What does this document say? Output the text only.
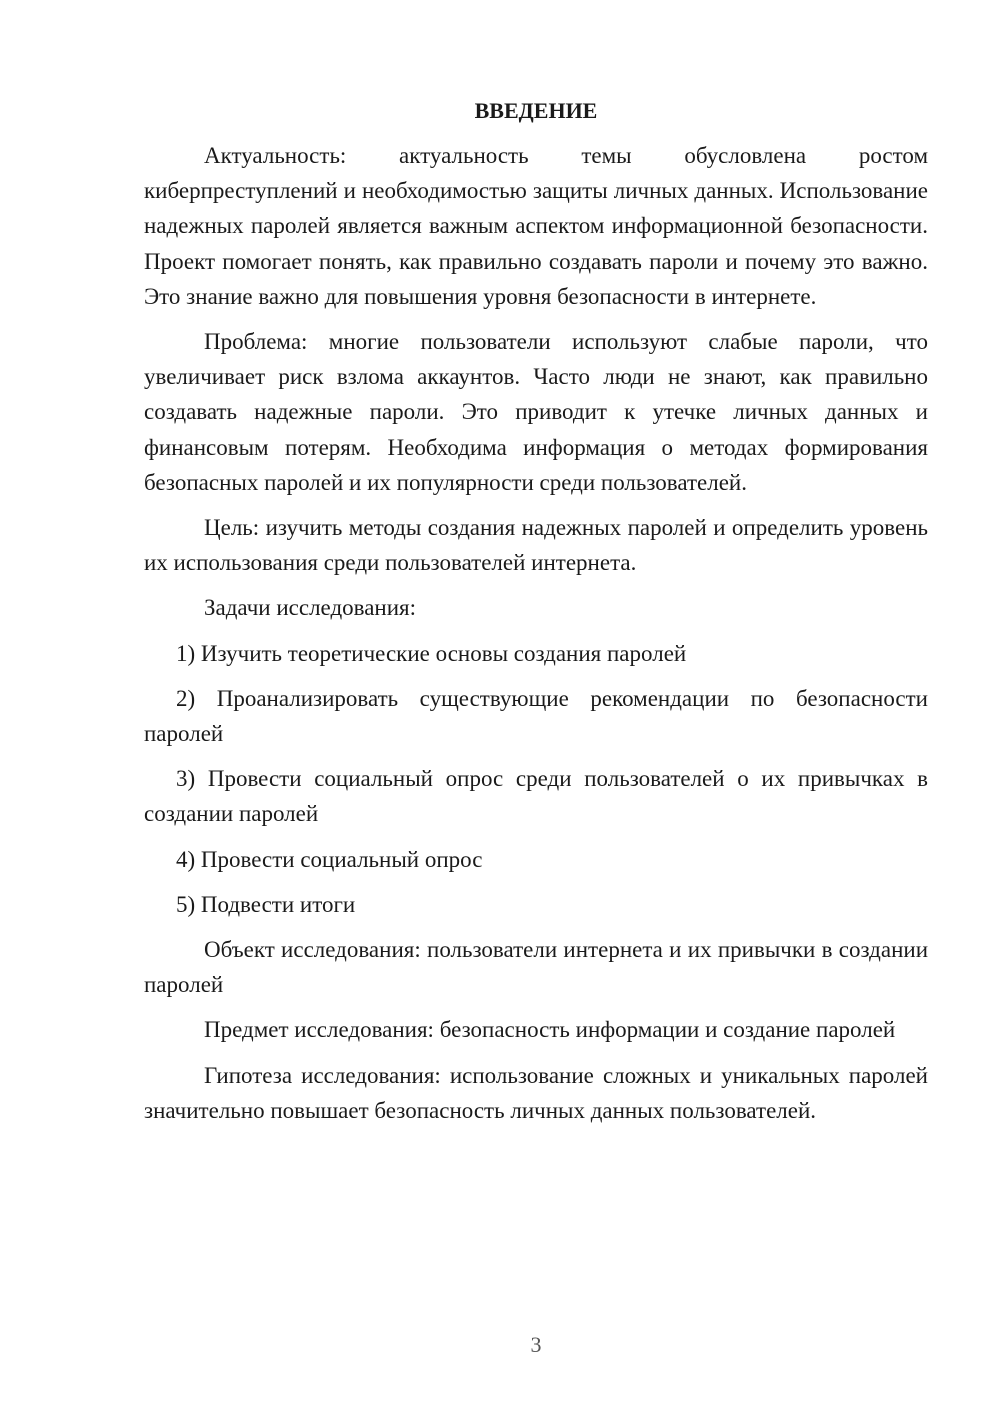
ВВЕДЕНИЕ

Актуальность: актуальность темы обусловлена ростом киберпреступлений и необходимостью защиты личных данных. Использование надежных паролей является важным аспектом информационной безопасности. Проект помогает понять, как правильно создавать пароли и почему это важно. Это знание важно для повышения уровня безопасности в интернете.

Проблема: многие пользователи используют слабые пароли, что увеличивает риск взлома аккаунтов. Часто люди не знают, как правильно создавать надежные пароли. Это приводит к утечке личных данных и финансовым потерям. Необходима информация о методах формирования безопасных паролей и их популярности среди пользователей.

Цель: изучить методы создания надежных паролей и определить уровень их использования среди пользователей интернета.

Задачи исследования:

1) Изучить теоретические основы создания паролей

2) Проанализировать существующие рекомендации по безопасности паролей

3) Провести социальный опрос среди пользователей о их привычках в создании паролей

4) Провести социальный опрос

5) Подвести итоги

Объект исследования: пользователи интернета и их привычки в создании паролей

Предмет исследования: безопасность информации и создание паролей

Гипотеза исследования: использование сложных и уникальных паролей значительно повышает безопасность личных данных пользователей.

3
